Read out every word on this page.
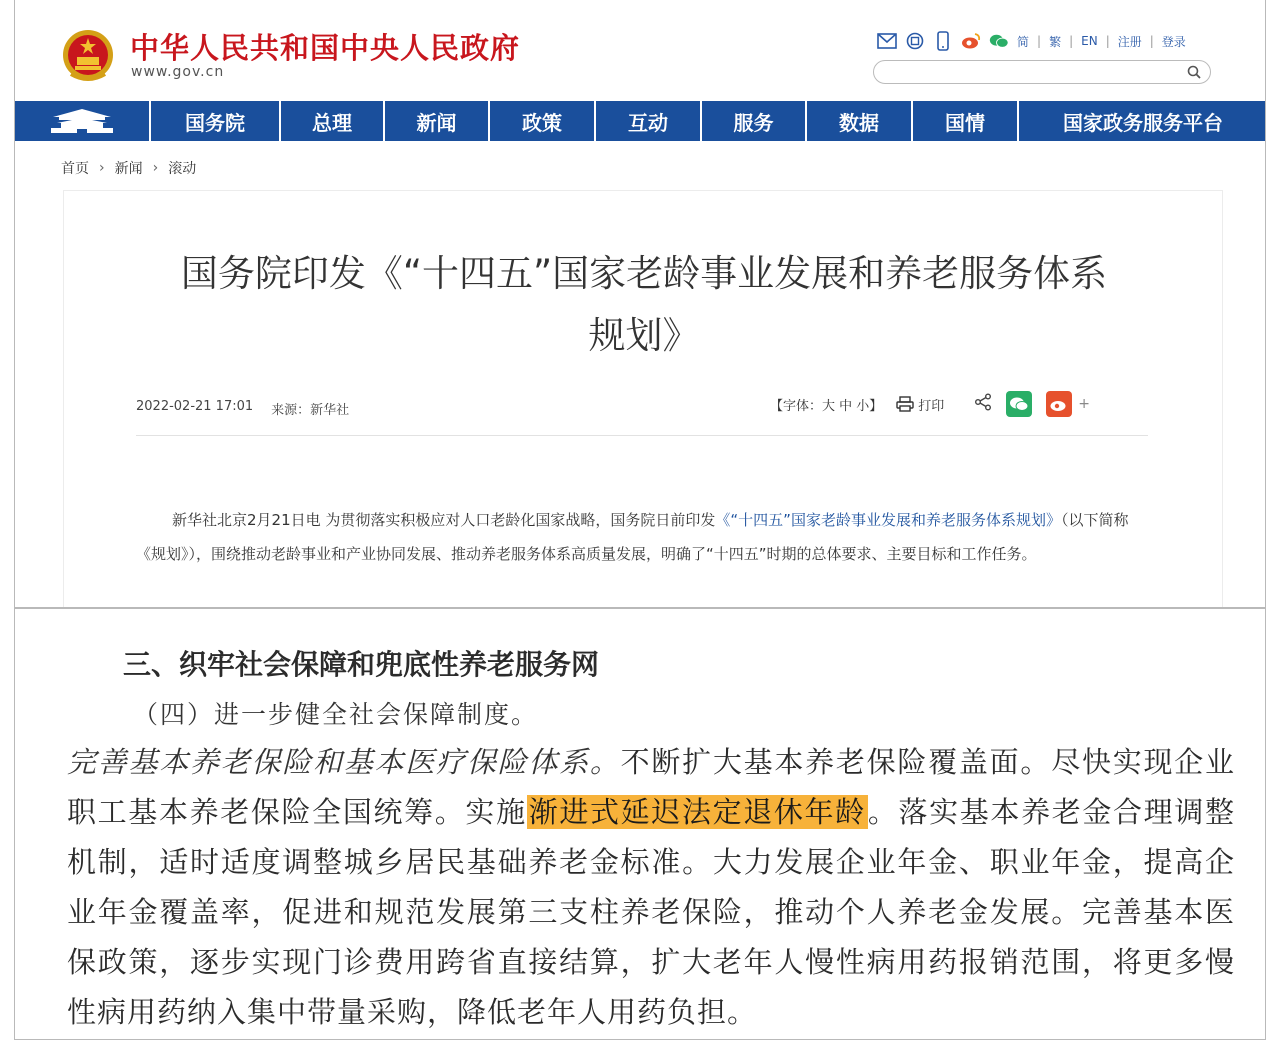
中华人民共和国中央人民政府
www.gov.cn
简 | 繁 | EN | 注册 | 登录
国务院	总理	新闻	政策	互动	服务	数据	国情	国家政务服务平台
首页 › 新闻 › 滚动
国务院印发《“十四五”国家老龄事业发展和养老服务体系规划》
2022-02-21 17:01 来源：新华社	【字体：大 中 小】	打印	+
新华社北京2月21日电 为贯彻落实积极应对人口老龄化国家战略，国务院日前印发《“十四五”国家老龄事业发展和养老服务体系规划》（以下简称《规划》），围绕推动老龄事业和产业协同发展、推动养老服务体系高质量发展，明确了“十四五”时期的总体要求、主要目标和工作任务。
三、织牢社会保障和兜底性养老服务网
（四）进一步健全社会保障制度。
完善基本养老保险和基本医疗保险体系。不断扩大基本养老保险覆盖面。尽快实现企业职工基本养老保险全国统筹。实施渐进式延迟法定退休年龄。落实基本养老金合理调整机制，适时适度调整城乡居民基础养老金标准。大力发展企业年金、职业年金，提高企业年金覆盖率，促进和规范发展第三支柱养老保险，推动个人养老金发展。完善基本医保政策，逐步实现门诊费用跨省直接结算，扩大老年人慢性病用药报销范围，将更多慢性病用药纳入集中带量采购，降低老年人用药负担。
